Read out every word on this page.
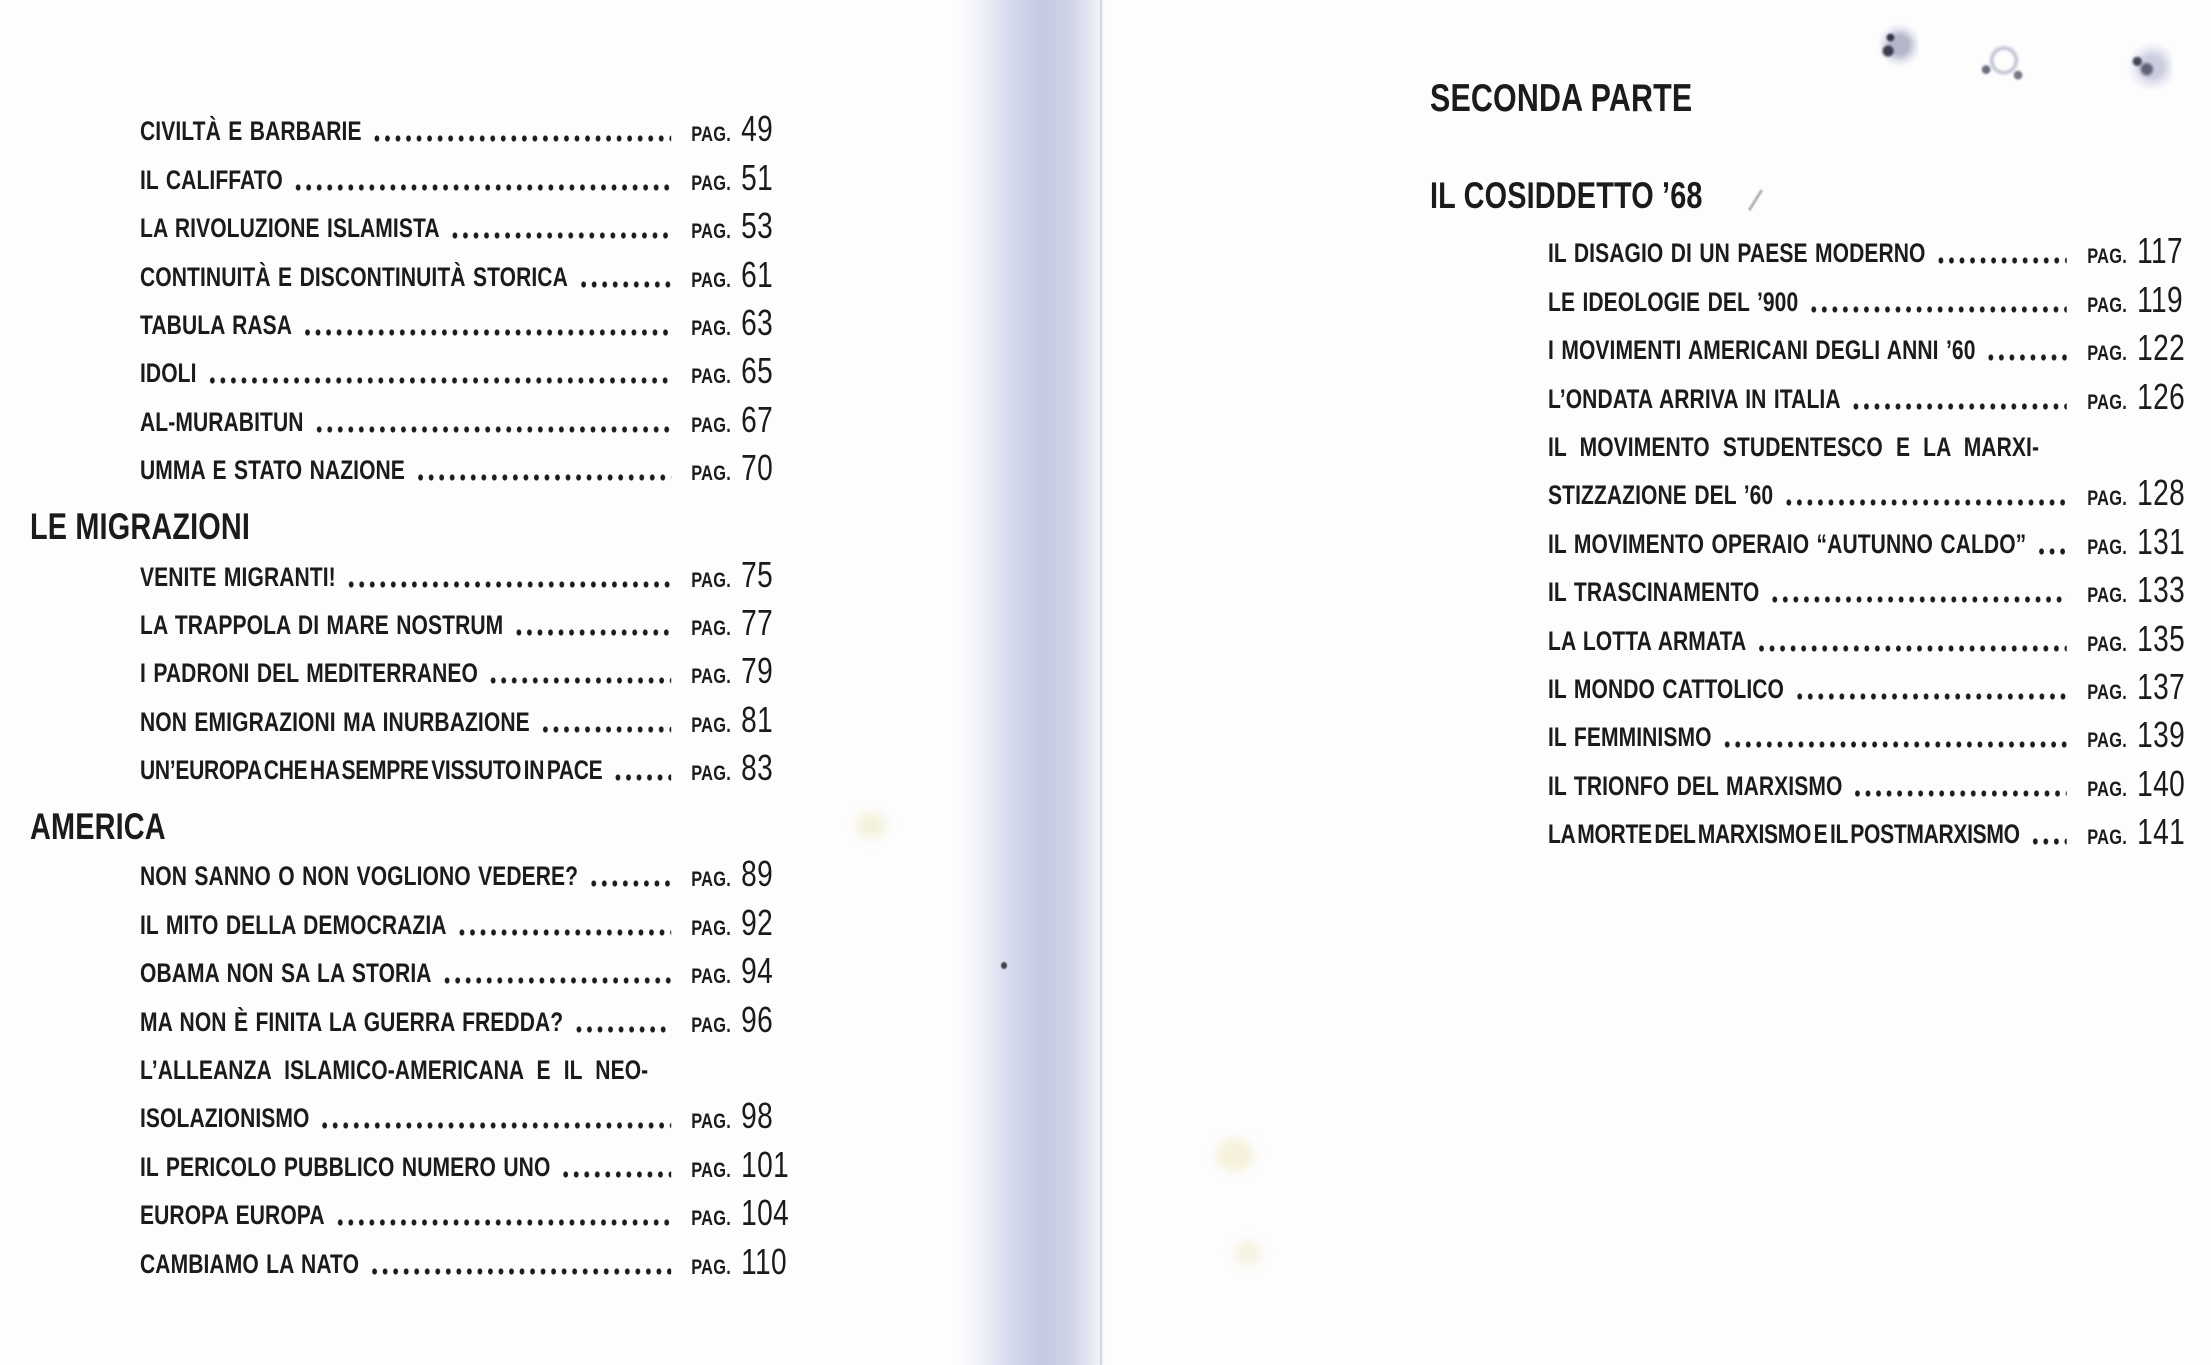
CIVILTÀ E BARBARIE	PAG. 49
IL CALIFFATO	PAG. 51
LA RIVOLUZIONE ISLAMISTA	PAG. 53
CONTINUITÀ E DISCONTINUITÀ STORICA	PAG. 61
TABULA RASA	PAG. 63
IDOLI	PAG. 65
AL-MURABITUN	PAG. 67
UMMA E STATO NAZIONE	PAG. 70
LE MIGRAZIONI
VENITE MIGRANTI!	PAG. 75
LA TRAPPOLA DI MARE NOSTRUM	PAG. 77
I PADRONI DEL MEDITERRANEO	PAG. 79
NON EMIGRAZIONI MA INURBAZIONE	PAG. 81
UN’EUROPA CHE HA SEMPRE VISSUTO IN PACE	PAG. 83
AMERICA
NON SANNO O NON VOGLIONO VEDERE?	PAG. 89
IL MITO DELLA DEMOCRAZIA	PAG. 92
OBAMA NON SA LA STORIA	PAG. 94
MA NON È FINITA LA GUERRA FREDDA?	PAG. 96
L’ALLEANZA ISLAMICO-AMERICANA E IL NEO-
ISOLAZIONISMO	PAG. 98
IL PERICOLO PUBBLICO NUMERO UNO	PAG. 101
EUROPA EUROPA	PAG. 104
CAMBIAMO LA NATO	PAG. 110
SECONDA PARTE
IL COSIDDETTO ’68
IL DISAGIO DI UN PAESE MODERNO	PAG. 117
LE IDEOLOGIE DEL ’900	PAG. 119
I MOVIMENTI AMERICANI DEGLI ANNI ’60	PAG. 122
L’ONDATA ARRIVA IN ITALIA	PAG. 126
IL MOVIMENTO STUDENTESCO E LA MARXI-
STIZZAZIONE DEL ’60	PAG. 128
IL MOVIMENTO OPERAIO “AUTUNNO CALDO”	PAG. 131
IL TRASCINAMENTO	PAG. 133
LA LOTTA ARMATA	PAG. 135
IL MONDO CATTOLICO	PAG. 137
IL FEMMINISMO	PAG. 139
IL TRIONFO DEL MARXISMO	PAG. 140
LA MORTE DEL MARXISMO E IL POSTMARXISMO	PAG. 141
